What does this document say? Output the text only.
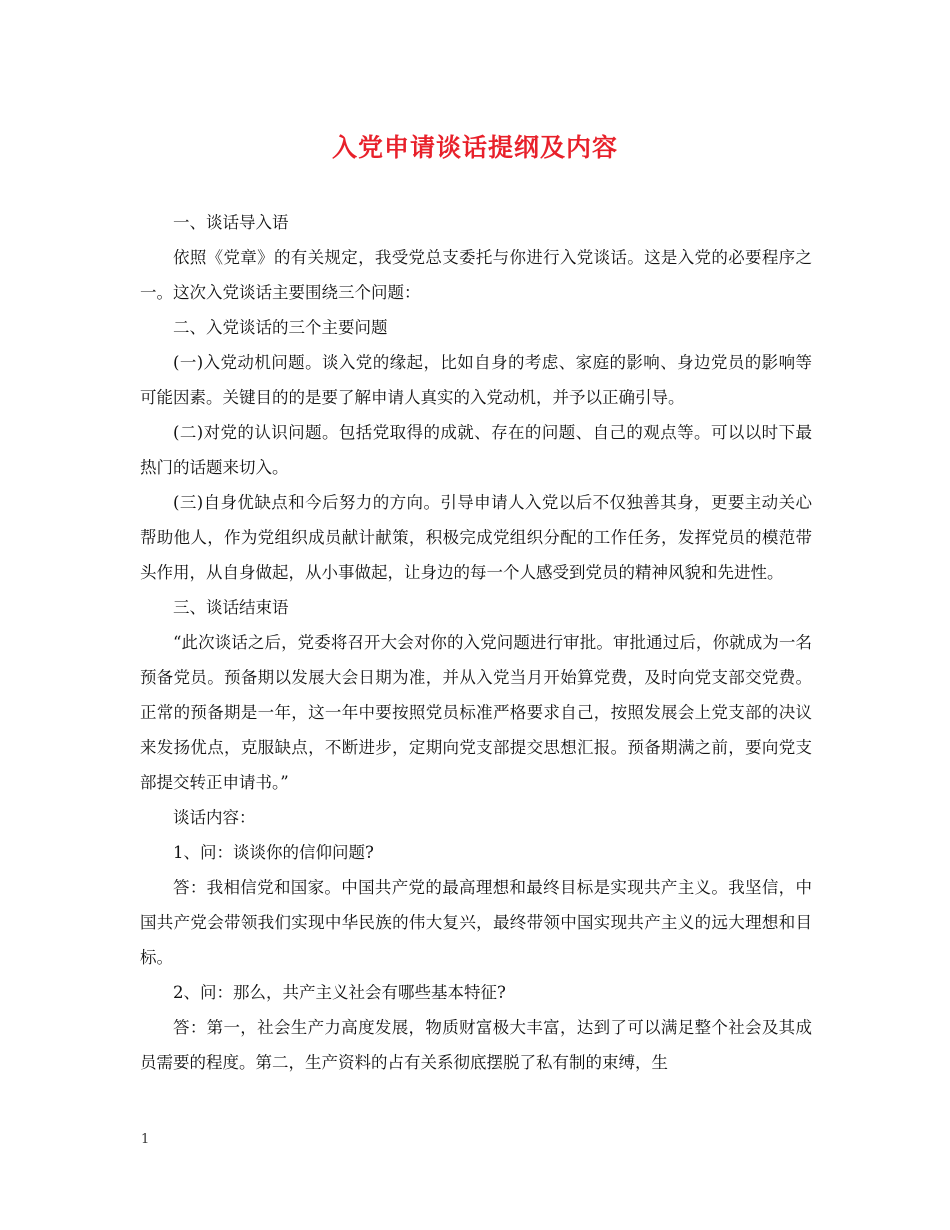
入党申请谈话提纲及内容

一、谈话导入语

依照《党章》的有关规定，我受党总支委托与你进行入党谈话。这是入党的必要程序之一。这次入党谈话主要围绕三个问题：

二、入党谈话的三个主要问题

(一)入党动机问题。谈入党的缘起，比如自身的考虑、家庭的影响、身边党员的影响等可能因素。关键目的的是要了解申请人真实的入党动机，并予以正确引导。

(二)对党的认识问题。包括党取得的成就、存在的问题、自己的观点等。可以以时下最热门的话题来切入。

(三)自身优缺点和今后努力的方向。引导申请人入党以后不仅独善其身，更要主动关心帮助他人，作为党组织成员献计献策，积极完成党组织分配的工作任务，发挥党员的模范带头作用，从自身做起，从小事做起，让身边的每一个人感受到党员的精神风貌和先进性。

三、谈话结束语

“此次谈话之后，党委将召开大会对你的入党问题进行审批。审批通过后，你就成为一名预备党员。预备期以发展大会日期为准，并从入党当月开始算党费，及时向党支部交党费。正常的预备期是一年，这一年中要按照党员标准严格要求自己，按照发展会上党支部的决议来发扬优点，克服缺点，不断进步，定期向党支部提交思想汇报。预备期满之前，要向党支部提交转正申请书。”

谈话内容：

1、问：谈谈你的信仰问题?

答：我相信党和国家。中国共产党的最高理想和最终目标是实现共产主义。我坚信，中国共产党会带领我们实现中华民族的伟大复兴，最终带领中国实现共产主义的远大理想和目标。

2、问：那么，共产主义社会有哪些基本特征?

答：第一，社会生产力高度发展，物质财富极大丰富，达到了可以满足整个社会及其成员需要的程度。第二，生产资料的占有关系彻底摆脱了私有制的束缚，生

1
